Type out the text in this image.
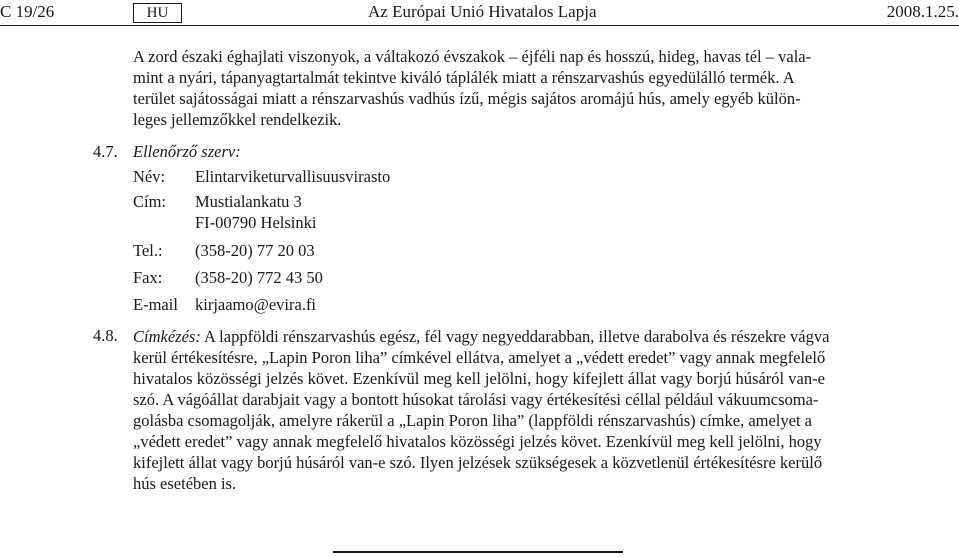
C 19/26	HU	Az Európai Unió Hivatalos Lapja	2008.1.25.
A zord északi éghajlati viszonyok, a váltakozó évszakok – éjféli nap és hosszú, hideg, havas tél – vala-
mint a nyári, tápanyagtartalmát tekintve kiváló táplálék miatt a rénszarvashús egyedülálló termék. A
terület sajátosságai miatt a rénszarvashús vadhús ízű, mégis sajátos aromájú hús, amely egyéb külön-
leges jellemzőkkel rendelkezik.
4.7. Ellenőrző szerv:
Név: Elintarviketurvallisuusvirasto
Cím: Mustialankatu 3
FI-00790 Helsinki
Tel.: (358-20) 77 20 03
Fax: (358-20) 772 43 50
E-mail kirjaamo@evira.fi
4.8. Címkézés: A lappföldi rénszarvashús egész, fél vagy negyeddarabban, illetve darabolva és részekre vágva
kerül értékesítésre, „Lapin Poron liha” címkével ellátva, amelyet a „védett eredet” vagy annak megfelelő
hivatalos közösségi jelzés követ. Ezenkívül meg kell jelölni, hogy kifejlett állat vagy borjú húsáról van-e
szó. A vágóállat darabjait vagy a bontott húsokat tárolási vagy értékesítési céllal például vákuumcsoma-
golásba csomagolják, amelyre rákerül a „Lapin Poron liha” (lappföldi rénszarvashús) címke, amelyet a
„védett eredet” vagy annak megfelelő hivatalos közösségi jelzés követ. Ezenkívül meg kell jelölni, hogy
kifejlett állat vagy borjú húsáról van-e szó. Ilyen jelzések szükségesek a közvetlenül értékesítésre kerülő
hús esetében is.
